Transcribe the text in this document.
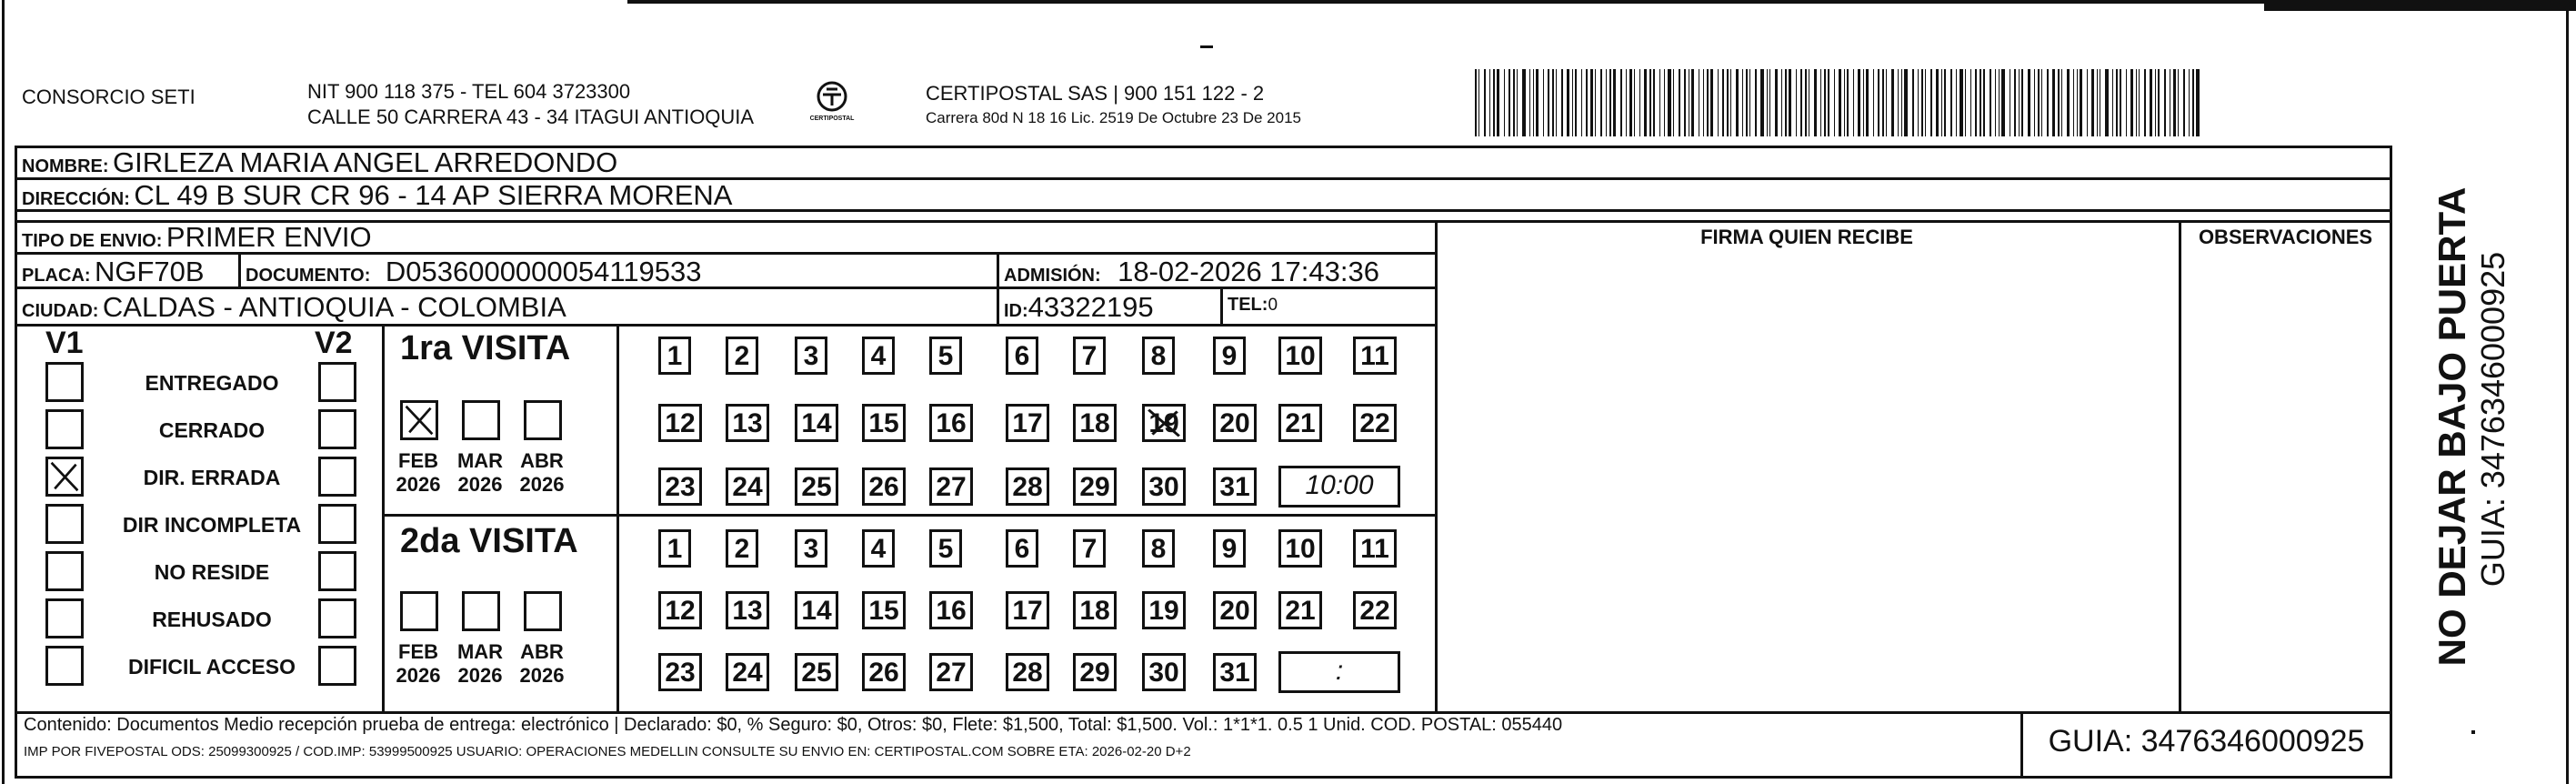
CONSORCIO SETI	NIT 900 118 375 - TEL 604 3723300
CALLE 50 CARRERA 43 - 34 ITAGUI ANTIOQUIA	CERTIPOSTAL
CERTIPOSTAL SAS | 900 151 122 - 2
Carrera 80d N 18 16 Lic. 2519 De Octubre 23 De 2015
NOMBRE: GIRLEZA MARIA ANGEL ARREDONDO
DIRECCIÓN: CL 49 B SUR CR 96 - 14 AP SIERRA MORENA
TIPO DE ENVIO: PRIMER ENVIO	FIRMA QUIEN RECIBE	OBSERVACIONES
PLACA: NGF70B DOCUMENTO: D0536000000054119533	ADMISIÓN: 18-02-2026 17:43:36
CIUDAD: CALDAS - ANTIOQUIA - COLOMBIA	ID:43322195	TEL:0
V1	V2
ENTREGADO
CERRADO
DIR. ERRADA
DIR INCOMPLETA
NO RESIDE
REHUSADO
DIFICIL ACCESO
1ra VISITA
FEB
2026
MAR
2026
ABR
2026
1	2	3	4	5	6	7	8	9	10 11
12 13 14 15 16 17 18 19 20 21 22
23 24 25 26 27 28 29 30 31	10:00
2da VISITA
FEB
2026
MAR
2026
ABR
2026
1	2	3	4	5	6	7	8	9	10 11
12 13 14 15 16 17 18 19 20 21 22
23 24 25 26 27 28 29 30 31	:
Contenido: Documentos Medio recepción prueba de entrega: electrónico | Declarado: $0, % Seguro: $0, Otros: $0, Flete: $1,500, Total: $1,500. Vol.: 1*1*1. 0.5 1 Unid. COD. POSTAL: 055440
IMP POR FIVEPOSTAL ODS: 25099300925 / COD.IMP: 53999500925 USUARIO: OPERACIONES MEDELLIN CONSULTE SU ENVIO EN: CERTIPOSTAL.COM SOBRE ETA: 2026-02-20 D+2	GUIA: 3476346000925
NO DEJAR BAJO PUERTA GUIA: 3476346000925
